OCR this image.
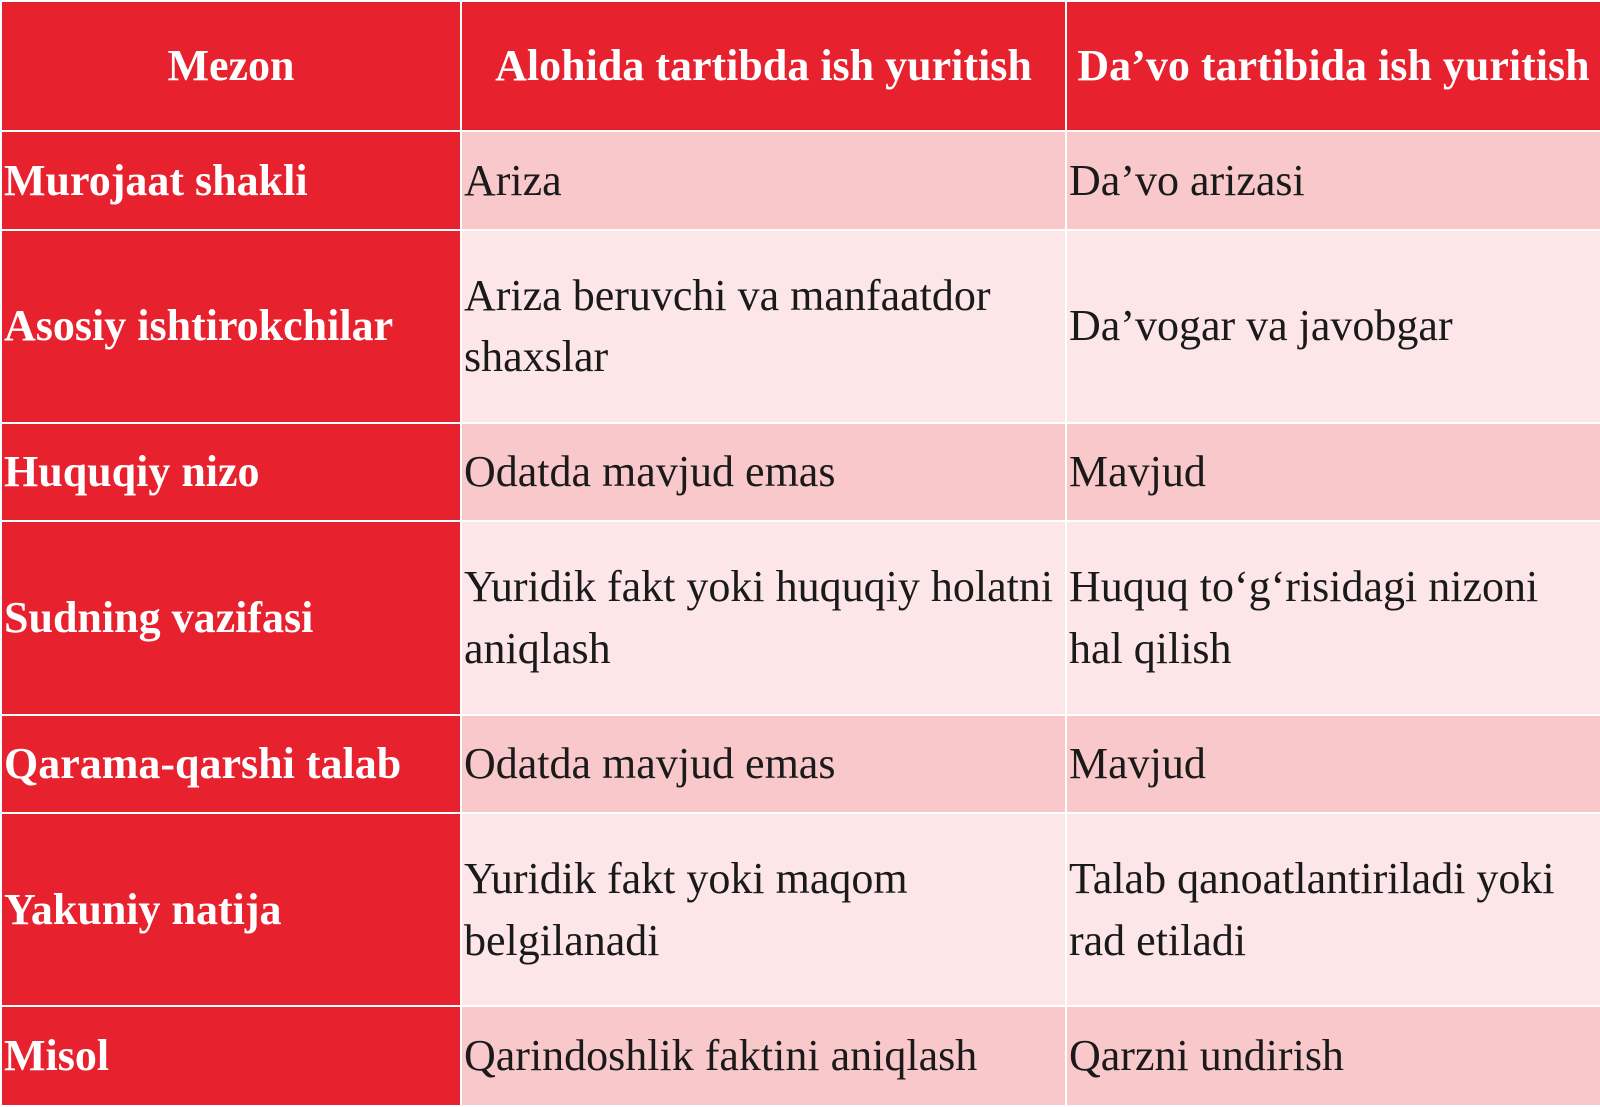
Mezon	Alohida tartibda ish yuritish	Da’vo tartibida ish yuritish
Murojaat shakli	Ariza	Da’vo arizasi
Asosiy ishtirokchilar	Ariza beruvchi va manfaatdor shaxslar	Da’vogar va javobgar
Huquqiy nizo	Odatda mavjud emas	Mavjud
Sudning vazifasi	Yuridik fakt yoki huquqiy holatni aniqlash	Huquq to‘g‘risidagi nizoni hal qilish
Qarama-qarshi talab	Odatda mavjud emas	Mavjud
Yakuniy natija	Yuridik fakt yoki maqom belgilanadi	Talab qanoatlantiriladi yoki rad etiladi
Misol	Qarindoshlik faktini aniqlash	Qarzni undirish
